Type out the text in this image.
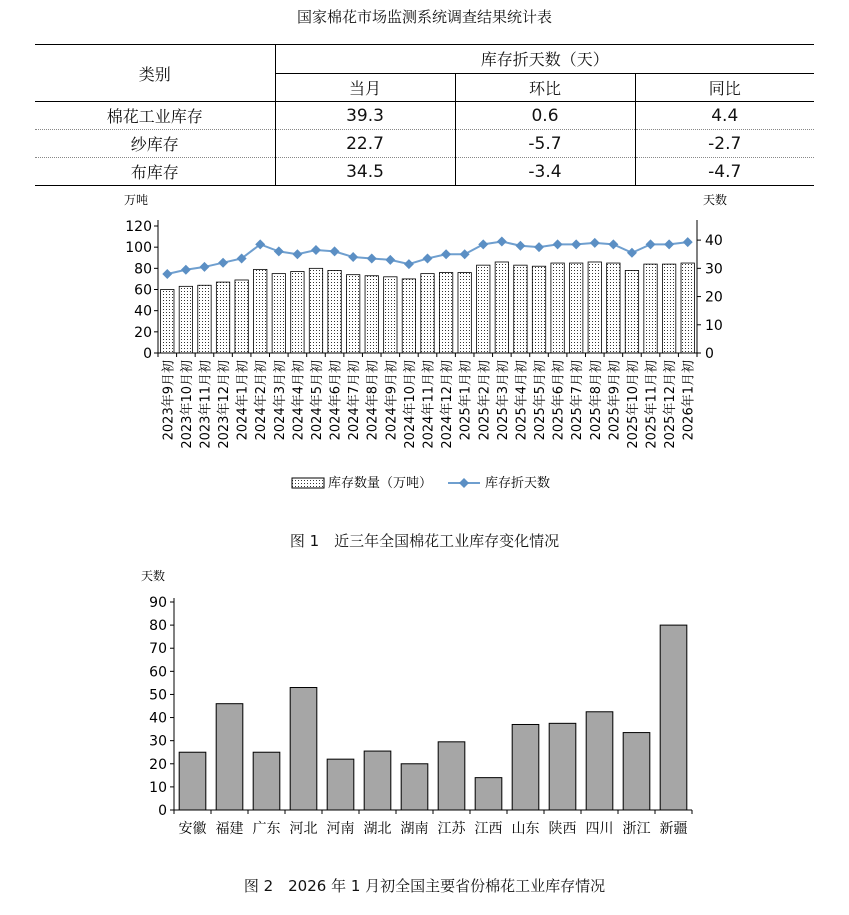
国家棉花市场监测系统调查结果统计表
类别	库存折天数（天）		
	当月	环比	同比
棉花工业库存	39.3	0.6	4.4
纱库存	22.7	-5.7	-2.7
布库存	34.5	-3.4	-4.7
万吨	天数
0
20
40
60
80
100
120
0
10
20
30
40
2023年9月初 2023年10月初 2023年11月初 2023年12月初 2024年1月初 2024年2月初 2024年3月初 2024年4月初 2024年5月初 2024年6月初 2024年7月初 2024年8月初 2024年9月初 2024年10月初 2024年11月初 2024年12月初 2025年1月初 2025年2月初 2025年3月初 2025年4月初 2025年5月初 2025年6月初 2025年7月初 2025年8月初 2025年9月初 2025年10月初 2025年11月初 2025年12月初 2026年1月初
库存数量（万吨）	库存折天数
图 1　近三年全国棉花工业库存变化情况
天数
0
10
20
30
40
50
60
70
80
90
安徽 福建 广东 河北 河南 湖北 湖南 江苏 江西 山东 陕西 四川 浙江 新疆
图 2　2026 年 1 月初全国主要省份棉花工业库存情况
